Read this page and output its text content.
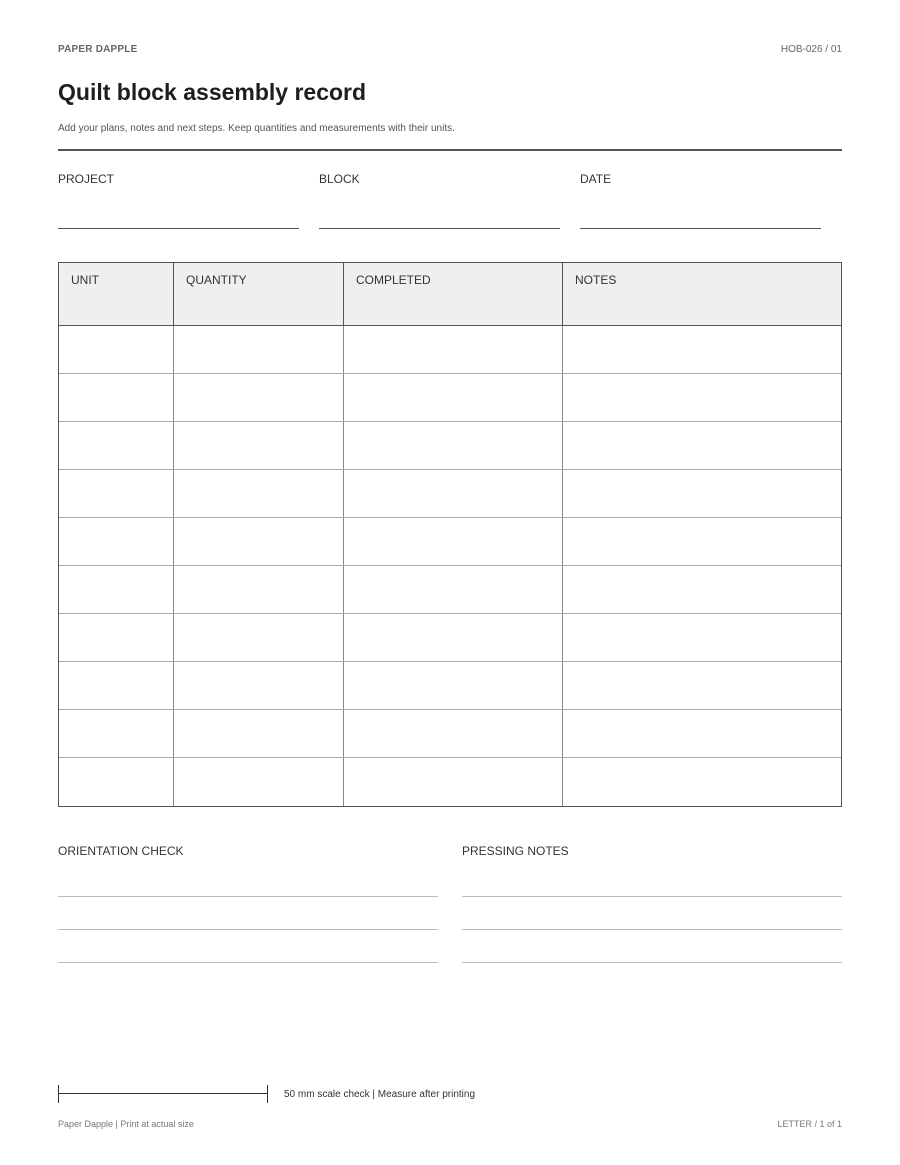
PAPER DAPPLE	HOB-026 / 01
Quilt block assembly record

Add your plans, notes and next steps. Keep quantities and measurements with their units.

PROJECT	BLOCK	DATE
UNIT	QUANTITY	COMPLETED	NOTES
ORIENTATION CHECK	PRESSING NOTES
50 mm scale check | Measure after printing
Paper Dapple | Print at actual size	LETTER / 1 of 1
